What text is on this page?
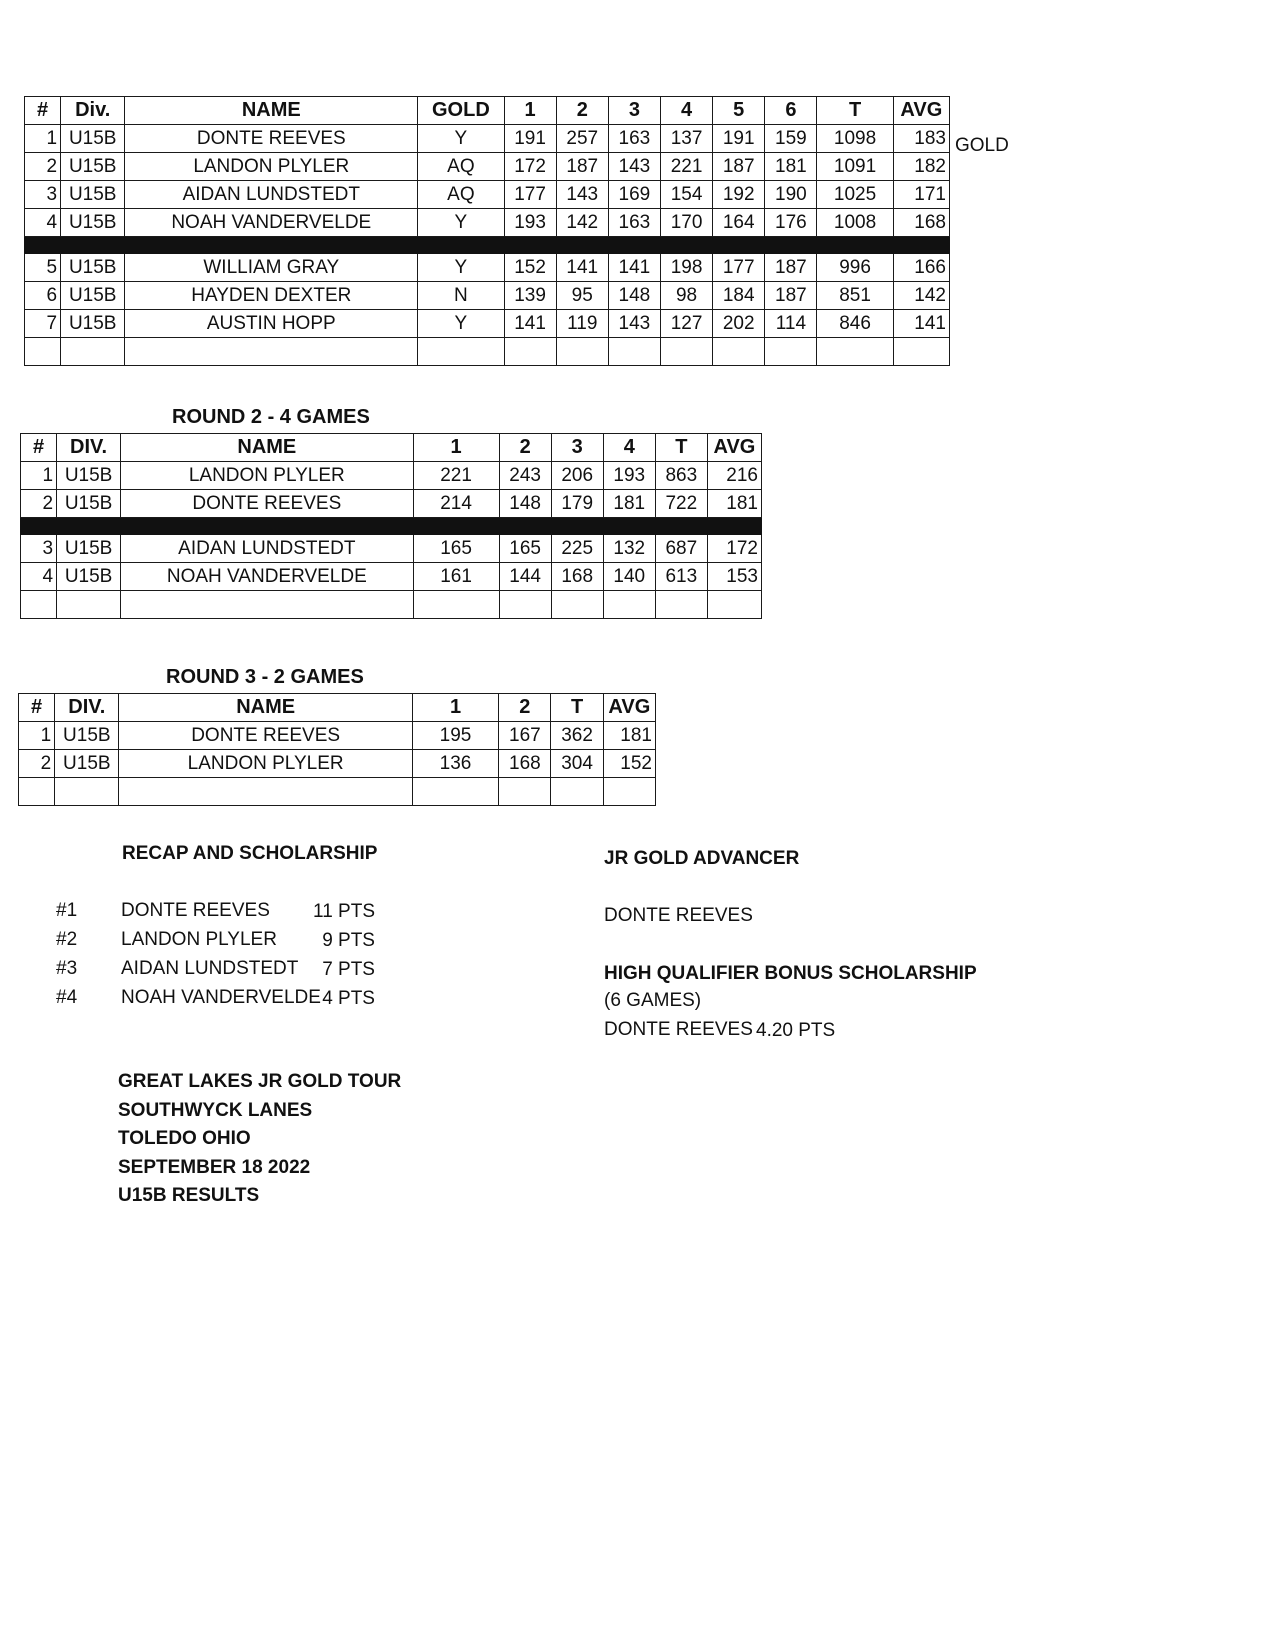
#	Div.	NAME	GOLD	1	2	3	4	5	6	T	AVG
1	U15B	DONTE REEVES	Y	191	257	163	137	191	159	1098	183
2	U15B	LANDON PLYLER	AQ	172	187	143	221	187	181	1091	182
3	U15B	AIDAN LUNDSTEDT	AQ	177	143	169	154	192	190	1025	171
4	U15B	NOAH VANDERVELDE	Y	193	142	163	170	164	176	1008	168

5	U15B	WILLIAM GRAY	Y	152	141	141	198	177	187	996	166
6	U15B	HAYDEN DEXTER	N	139	95	148	98	184	187	851	142
7	U15B	AUSTIN HOPP	Y	141	119	143	127	202	114	846	141

GOLD
ROUND 2 - 4 GAMES
#	DIV.	NAME	1	2	3	4	T	AVG
1	U15B	LANDON PLYLER	221	243	206	193	863	216
2	U15B	DONTE REEVES	214	148	179	181	722	181

3	U15B	AIDAN LUNDSTEDT	165	165	225	132	687	172
4	U15B	NOAH VANDERVELDE	161	144	168	140	613	153

ROUND 3 - 2 GAMES
#	DIV.	NAME	1	2	T	AVG
1	U15B	DONTE REEVES	195	167	362	181
2	U15B	LANDON PLYLER	136	168	304	152

RECAP AND SCHOLARSHIP
#1 DONTE REEVES 11 PTS
#2 LANDON PLYLER 9 PTS
#3 AIDAN LUNDSTEDT 7 PTS
#4 NOAH VANDERVELDE 4 PTS
JR GOLD ADVANCER
DONTE REEVES
HIGH QUALIFIER BONUS SCHOLARSHIP
(6 GAMES)
DONTE REEVES 4.20 PTS
GREAT LAKES JR GOLD TOUR
SOUTHWYCK LANES
TOLEDO OHIO
SEPTEMBER 18 2022
U15B RESULTS
